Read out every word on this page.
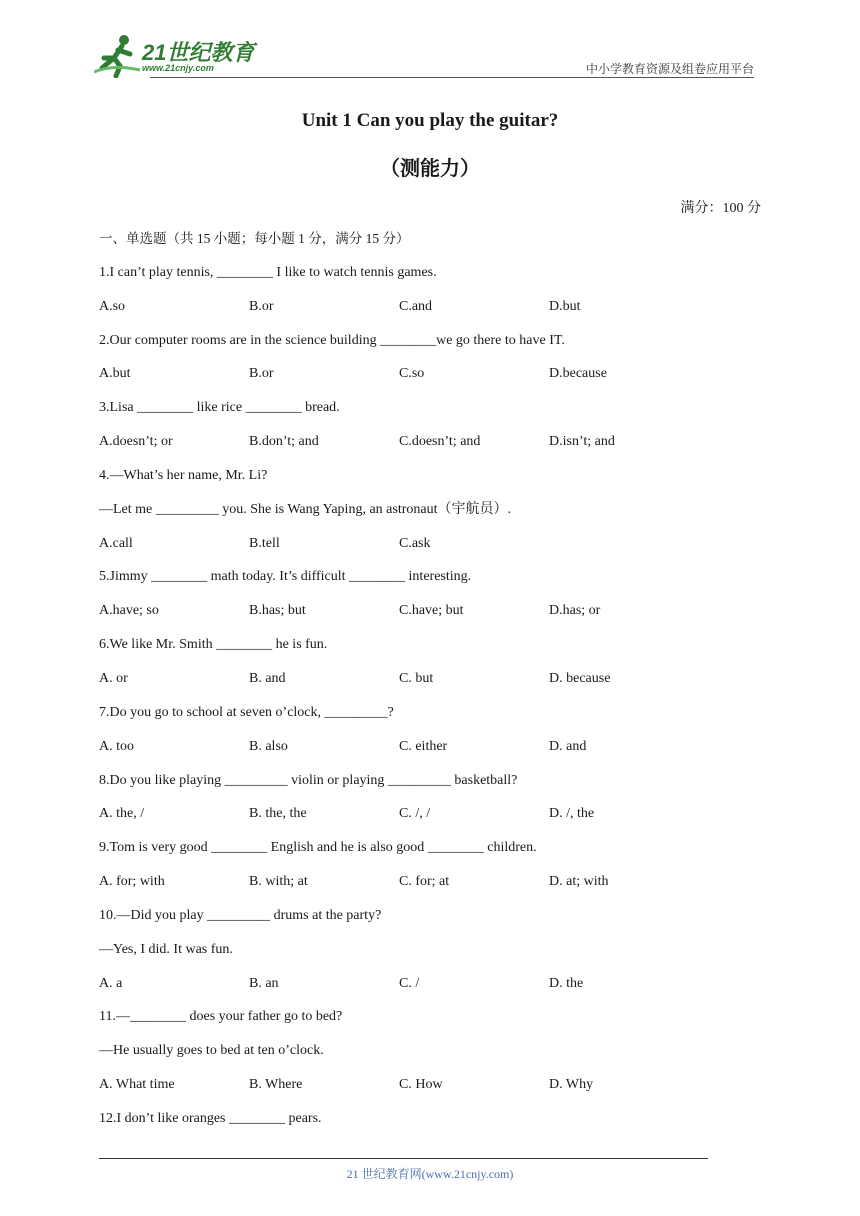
21世纪教育
www.21cnjy.com	中小学教育资源及组卷应用平台
Unit 1 Can you play the guitar?
（测能力）
满分：100 分
一、单选题（共 15 小题；每小题 1 分，满分 15 分）
1.I can’t play tennis, ________ I like to watch tennis games.
A.so	B.or	C.and	D.but
2.Our computer rooms are in the science building ________we go there to have IT.
A.but	B.or	C.so	D.because
3.Lisa ________ like rice ________ bread.
A.doesn’t; or	B.don’t; and	C.doesn’t; and	D.isn’t; and
4.—What’s her name, Mr. Li?
—Let me _________ you. She is Wang Yaping, an astronaut（宇航员）.
A.call	B.tell	C.ask
5.Jimmy ________ math today. It’s difficult ________ interesting.
A.have; so	B.has; but	C.have; but	D.has; or
6.We like Mr. Smith ________ he is fun.
A. or	B. and	C. but	D. because
7.Do you go to school at seven o’clock, _________?
A. too	B. also	C. either	D. and
8.Do you like playing _________ violin or playing _________ basketball?
A. the, /	B. the, the	C. /, /	D. /, the
9.Tom is very good ________ English and he is also good ________ children.
A. for; with	B. with; at	C. for; at	D. at; with
10.—Did you play _________ drums at the party?
—Yes, I did. It was fun.
A. a	B. an	C. /	D. the
11.—________ does your father go to bed?
—He usually goes to bed at ten o’clock.
A. What time	B. Where	C. How	D. Why
12.I don’t like oranges ________ pears.
21 世纪教育网(www.21cnjy.com)
